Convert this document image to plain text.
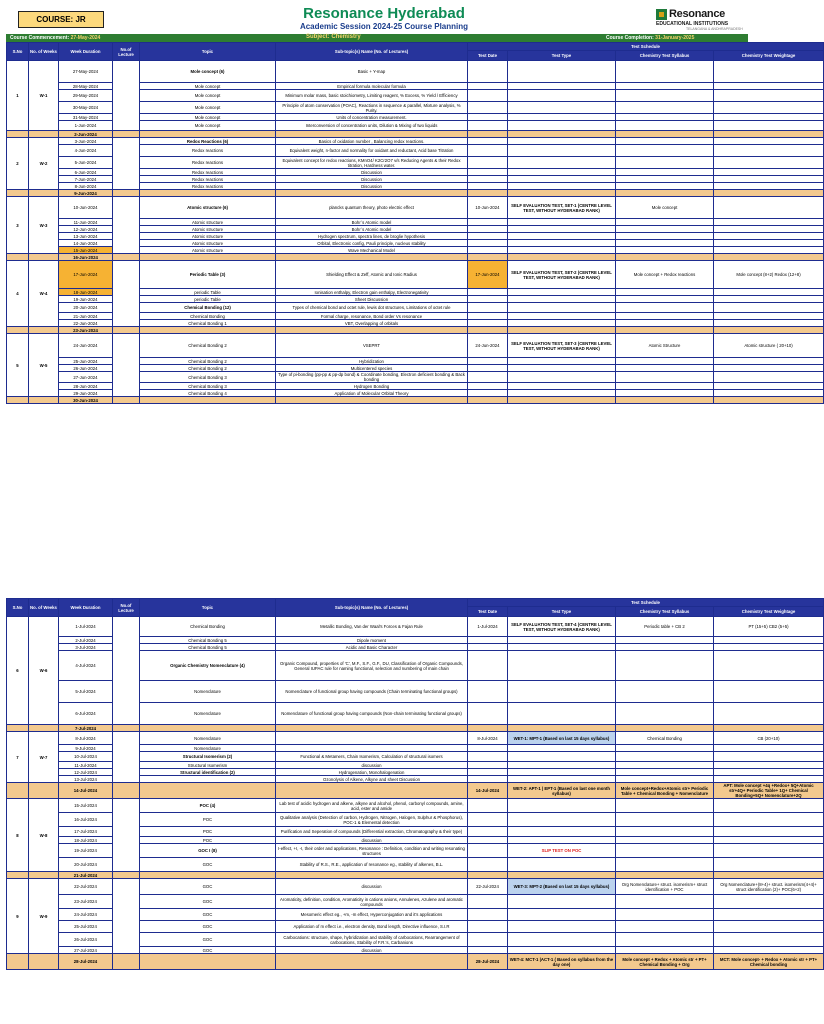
COURSE: JR	Resonance Hyderabad
Academic Session 2024-25 Course Planning
Resonance
EDUCATIONAL INSTITUTIONS
TELANGANA & ANDHRAPRADESH
Course Commencement: 27-May-2024	Subject: Chemistry	Course Completion: 31-January-2025
S.No	No. of Weeks	Week Duration	No.of Lecture	Topic	Sub-topic(s) Name (No. of Lectures)	Test Schedule			
						Test Date	Test Type	Chemistry Test Syllabus	Chemistry Test Weightage
1	W-1	27-May-2024		Mole concept (6)	Basic + Y-map				
		28-May-2024		Mole concept	Empirical formula molecular formula				
		29-May-2024		Mole concept	Minimum molar mass, basic stoichiometry, Limiting reagent, % Excess, % Yield / Efficiency				
		30-May-2024		Mole concept	Principle of atom conservation (POAC), Reactions in sequence & parallel, Mixture analysis, % Purity.				
		31-May-2024		Mole concept	Units of concentration measurement.				
		1-Jun-2024		Mole concept	Interconversion of concentration units, Dilution & Mixing of two liquids				
		2-Jun-2024							
2	W-2	3-Jun-2024		Redox Reactions (6)	Basics of oxidation number , Balancing redox reactions.				
		4-Jun-2024		Redox reactions	Equivalent weight, n-factor and normality for oxidant and reductant, Acid base Titration				
		5-Jun-2024		Redox reactions	Equivalent concept for redox reactions, KMnO4/ K2Cr2O7 v/s Reducing Agents & their Redox titration, Hardness water.				
		6-Jun-2024		Redox reactions	Discussion				
		7-Jun-2024		Redox reactions	Discussion				
		8-Jun-2024		Redox reactions	Discussion				
		9-Jun-2024							
3	W-3	10-Jun-2024		Atomic structure (6)	plancks quantum theory, photo electric effect	10-Jun-2024	SELF EVALUATION TEST, SET-1 (CENTRE LEVEL TEST, WITHOUT HYDERABAD RANK)	Mole concept	
		11-Jun-2024		Atomic structure	Bohr`s Atomic model				
		12-Jun-2024		Atomic structure	Bohr`s Atomic model				
		13-Jun-2024		Atomic structure	Hydrogen spectrum, spectra lines, de broglie hypothesis				
		14-Jun-2024		Atomic structure	Orbital, Electronic config, Pauli principle, nucleus stability				
		15-Jun-2024		Atomic structure	Wave Mechanical Model				
		16-Jun-2024							
4	W-4	17-Jun-2024		Periodic Table (3)	Shielding Effect & Zeff, Atomic and Ionic Radius	17-Jun-2024	SELF EVALUATION TEST, SET-2 (CENTRE LEVEL TEST, WITHOUT HYDERABAD RANK)	Mole concept + Redox reactions	Mole concept (8+2) Redox (12+8)
		18-Jun-2024		periodic Table	Ionisation enthalpy, Electron gain enthalpy, Electronegativity				
		19-Jun-2024		periodic Table	Sheet Discussion				
		20-Jun-2024		Chemical Bonding (12)	Types of chemical bond and octet rule, lewis dot structures, Limitations of octet rule				
		21-Jun-2024		Chemical Bonding	Formal charge, resonance, Bond order Vs resonance				
		22-Jun-2024		Chemical Bonding 1	VBT, Overlapping of orbitals				
		23-Jun-2024							
5	W-5	24-Jun-2024		Chemical Bonding 2	VSEPRT	24-Jun-2024	SELF EVALUATION TEST, SET-3 (CENTRE LEVEL TEST, WITHOUT HYDERABAD RANK)	Atomic Structure	Atomic structure ( 20+10)
		25-Jun-2024		Chemical Bonding 2	Hybridization				
		26-Jun-2024		Chemical Bonding 2	Multicentered species				
		27-Jun-2024		Chemical Bonding 3	Type of pi-bonding (pp-pp & pp-dp bond) & Coordinate bonding, Electron deficient bonding & Back bonding				
		28-Jun-2024		Chemical Bonding 3	Hydrogen Bonding				
		29-Jun-2024		Chemical Bonding 4	Application of Molecular Orbital Theory				
		30-Jun-2024							
S.No	No. of Weeks	Week Duration	No.of Lecture	Topic	Sub-topic(s) Name (No. of Lectures)	Test Schedule			
						Test Date	Test Type	Chemistry Test Syllabus	Chemistry Test Weightage
6	W-6	1-Jul-2024		Chemical Bonding	Metallic Bonding, Van der Waal's Forces & Fajan Rule	1-Jul-2024	SELF EVALUATION TEST, SET-4 (CENTRE LEVEL TEST, WITHOUT HYDERABAD RANK)	Periodic table + CB 2	PT (15+5) CB2 (5+5)
		2-Jul-2024		Chemical Bonding 5	Dipole moment				
		3-Jul-2024		Chemical Bonding 5	Acidic and Basic Character				
		4-Jul-2024		Organic Chemistry Nomenclature (4)	Organic Compound, properties of 'C', M.F., S.F., G.F., DU, Classification of Organic Compounds, General IUPAC rule for naming functional, selection and numbering of main chain				
		5-Jul-2024		Nomenclature	Nomenclature of functional group having compounds (Chain terminating functional groups)				
		6-Jul-2024		Nomenclature	Nomenclature of functional group having compounds (Non-chain terminating functional groups)				
		7-Jul-2024							
7	W-7	8-Jul-2024		Nomenclature		8-Jul-2024	WET-1: MPT-1 (Based on last 15 days syllabus)	Chemical Bonding	CB (20+10)
		9-Jul-2024		Nomenclature					
		10-Jul-2024		Structural Isomerism (2)	Functional & Metamers, Chain Isomerism, Calculation of structural isomers				
		11-Jul-2024		Structural Isomerism	discussion				
		12-Jul-2024		Structural identification (2)	Hydrogenation, Monohalogenation				
		13-Jul-2024			Ozonolysis of Alkene, Alkyne and sheet Discussion				
		14-Jul-2024				14-Jul-2024	WET-2: APT-1 | EPT-1 (Based on last one month syllabus)	Mole concept+Redox+Atomic str+ Periodic Table + Chemical Bonding + Nomenclature	APT: Mole concept +4q +Redox+ 5Q+Atomic str+4Q+ Periodic Table+ 1Q+ Chemical Bonding+5Q+ Nomenclature+2Q
8	W-8	15-Jul-2024		POC (4)	Lab test of acidic hydrogen and alkene, alkyne and alcohol, phenol, carbonyl compounds, amine, acid, ester and amide				
		16-Jul-2024		POC	Qualitative analysis (Detection of carbon, Hydrogen, Nitrogen, Halogen, Sulphur & Phosphorus), POC-1 & Elemental detection				
		17-Jul-2024		POC	Purification and Seperation of compounds (Differential extraction, Chromatography & their type)				
		18-Jul-2024		POC	discussion				
		19-Jul-2024		GOC I (8)	I-effect, +I, -I, their order and applications, Resonance : Definition, condition and writing resonating structures		SLIP TEST ON POC		
		20-Jul-2024		GOC	Stability of R.S., R.E., application of resonance eg., stability of alkenes, B.L.				
		21-Jul-2024							
9	W-9	22-Jul-2024		GOC	discussion	22-Jul-2024	WET-3: MPT-2 (Based on last 15 days syllabus)	Org Nomenclature+ struct. isomerism+ struct identification + POC	Org Nomenclature+(8+4)+ struct. isomerism(4+4)+ struct identification (2)+ POC(6+2)
		23-Jul-2024		GOC	Aromaticity, definition, condition, Aromaticity in cations anions, Annulenes, Azulene and aromatic compounds				
		24-Jul-2024		GOC	Mesomeric effect eg., +m, -m effect, Hyperconjugation and it's applications				
		25-Jul-2024		GOC	Application of m effect i.e., electron density, Bond length, Directive influence, S.I.R				
		26-Jul-2024		GOC	Carbocations: structure, shape, hybridization and stability of carbocations, Rearrangement of carbocations, Stability of F.R.'s, Carbanions				
		27-Jul-2024		GOC	discussion				
		28-Jul-2024				28-Jul-2024	WET-4: MCT-1 |ACT-1 ( Based on syllabus from the day one)	Mole concept + Redox + Atomic str + PT+ Chemical Bonding + Org	MCT: Mole concept- + Redox + Atomic str + PT+ Chemical bonding
